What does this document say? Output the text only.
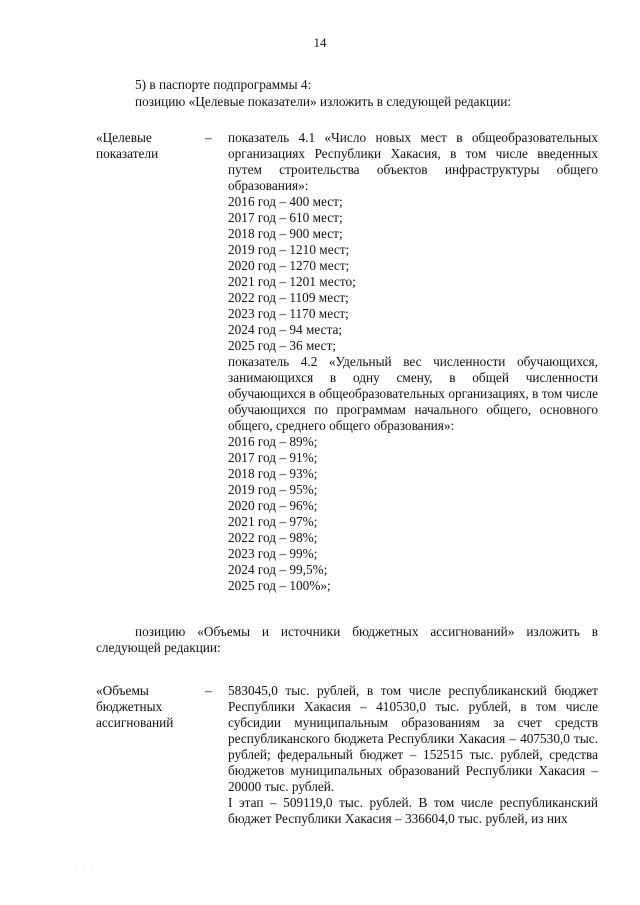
14
5) в паспорте подпрограммы 4:
позицию «Целевые показатели» изложить в следующей редакции:
«Целевые
показатели
– показатель 4.1 «Число новых мест в общеобразовательных организациях Республики Хакасия, в том числе введенных путем строительства объектов инфраструктуры общего образования»:
2016 год – 400 мест;
2017 год – 610 мест;
2018 год – 900 мест;
2019 год – 1210 мест;
2020 год – 1270 мест;
2021 год – 1201 место;
2022 год – 1109 мест;
2023 год – 1170 мест;
2024 год – 94 места;
2025 год – 36 мест;
показатель 4.2 «Удельный вес численности обучающихся, занимающихся в одну смену, в общей численности обучающихся в общеобразовательных организациях, в том числе обучающихся по программам начального общего, основного общего, среднего общего образования»:
2016 год – 89%;
2017 год – 91%;
2018 год – 93%;
2019 год – 95%;
2020 год – 96%;
2021 год – 97%;
2022 год – 98%;
2023 год – 99%;
2024 год – 99,5%;
2025 год – 100%»;
позицию «Объемы и источники бюджетных ассигнований» изложить в
следующей редакции:
«Объемы
бюджетных
ассигнований
– 583045,0 тыс. рублей, в том числе республиканский бюджет Республики Хакасия – 410530,0 тыс. рублей, в том числе субсидии муниципальным образованиям за счет средств республиканского бюджета Республики Хакасия – 407530,0 тыс. рублей; федеральный бюджет – 152515 тыс. рублей, средства бюджетов муниципальных образований Республики Хакасия – 20000 тыс. рублей.
I этап – 509119,0 тыс. рублей. В том числе республиканский бюджет Республики Хакасия – 336604,0 тыс. рублей, из них
· · ·
